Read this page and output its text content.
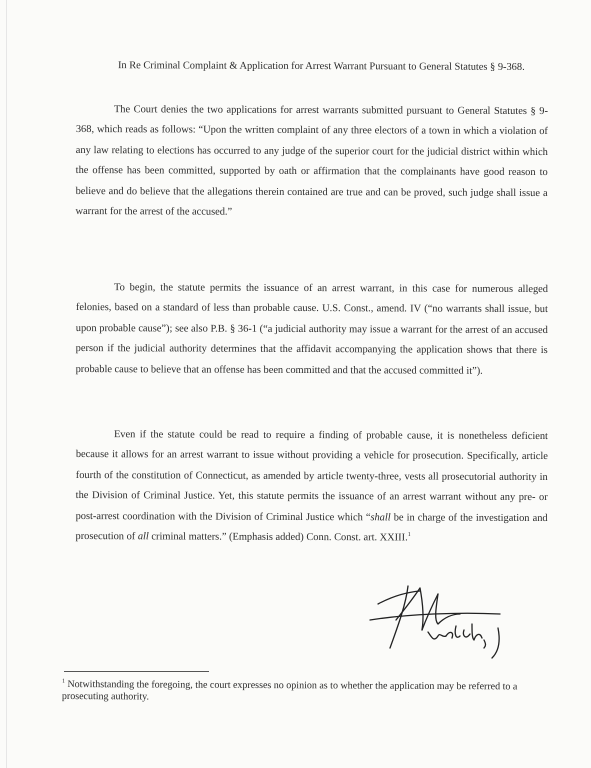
In Re Criminal Complaint & Application for Arrest Warrant Pursuant to General Statutes § 9-368.

The Court denies the two applications for arrest warrants submitted pursuant to General Statutes § 9-368, which reads as follows: “Upon the written complaint of any three electors of a town in which a violation of any law relating to elections has occurred to any judge of the superior court for the judicial district within which the offense has been committed, supported by oath or affirmation that the complainants have good reason to believe and do believe that the allegations therein contained are true and can be proved, such judge shall issue a warrant for the arrest of the accused.”

To begin, the statute permits the issuance of an arrest warrant, in this case for numerous alleged felonies, based on a standard of less than probable cause. U.S. Const., amend. IV (“no warrants shall issue, but upon probable cause”); see also P.B. § 36-1 (“a judicial authority may issue a warrant for the arrest of an accused person if the judicial authority determines that the affidavit accompanying the application shows that there is probable cause to believe that an offense has been committed and that the accused committed it”).

Even if the statute could be read to require a finding of probable cause, it is nonetheless deficient because it allows for an arrest warrant to issue without providing a vehicle for prosecution. Specifically, article fourth of the constitution of Connecticut, as amended by article twenty-three, vests all prosecutorial authority in the Division of Criminal Justice. Yet, this statute permits the issuance of an arrest warrant without any pre- or post-arrest coordination with the Division of Criminal Justice which “shall be in charge of the investigation and prosecution of all criminal matters.” (Emphasis added) Conn. Const. art. XXIII.$^1$

$^1$ Notwithstanding the foregoing, the court expresses no opinion as to whether the application may be referred to a prosecuting authority.
